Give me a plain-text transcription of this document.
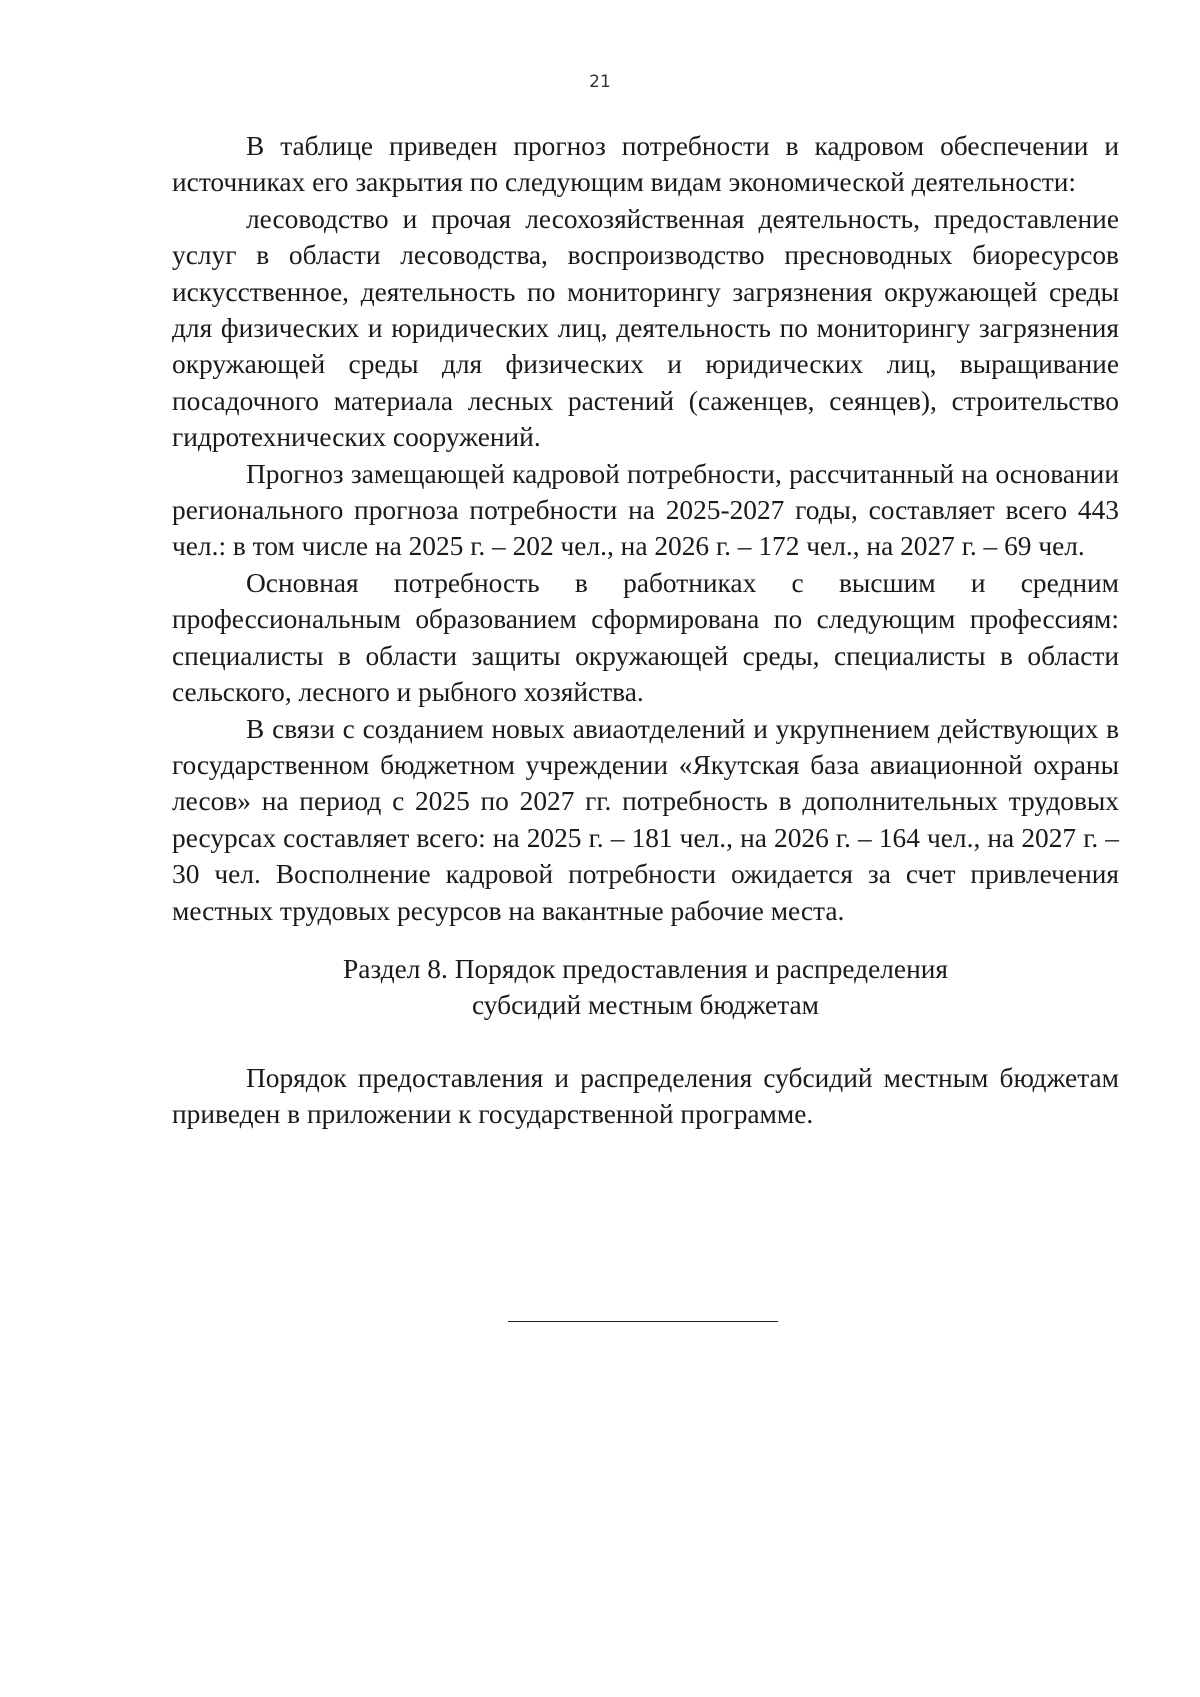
21

В таблице приведен прогноз потребности в кадровом обеспечении и источниках его закрытия по следующим видам экономической деятельности:

лесоводство и прочая лесохозяйственная деятельность, предоставление услуг в области лесоводства, воспроизводство пресноводных биоресурсов искусственное, деятельность по мониторингу загрязнения окружающей среды для физических и юридических лиц, деятельность по мониторингу загрязнения окружающей среды для физических и юридических лиц, выращивание посадочного материала лесных растений (саженцев, сеянцев), строительство гидротехнических сооружений.

Прогноз замещающей кадровой потребности, рассчитанный на основании регионального прогноза потребности на 2025-2027 годы, составляет всего 443 чел.: в том числе на 2025 г. – 202 чел., на 2026 г. – 172 чел., на 2027 г. – 69 чел.

Основная потребность в работниках с высшим и средним профессиональным образованием сформирована по следующим профессиям: специалисты в области защиты окружающей среды, специалисты в области сельского, лесного и рыбного хозяйства.

В связи с созданием новых авиаотделений и укрупнением действующих в государственном бюджетном учреждении «Якутская база авиационной охраны лесов» на период с 2025 по 2027 гг. потребность в дополнительных трудовых ресурсах составляет всего: на 2025 г. – 181 чел., на 2026 г. – 164 чел., на 2027 г. – 30 чел. Восполнение кадровой потребности ожидается за счет привлечения местных трудовых ресурсов на вакантные рабочие места.

Раздел 8. Порядок предоставления и распределения

субсидий местным бюджетам

Порядок предоставления и распределения субсидий местным бюджетам приведен в приложении к государственной программе.
